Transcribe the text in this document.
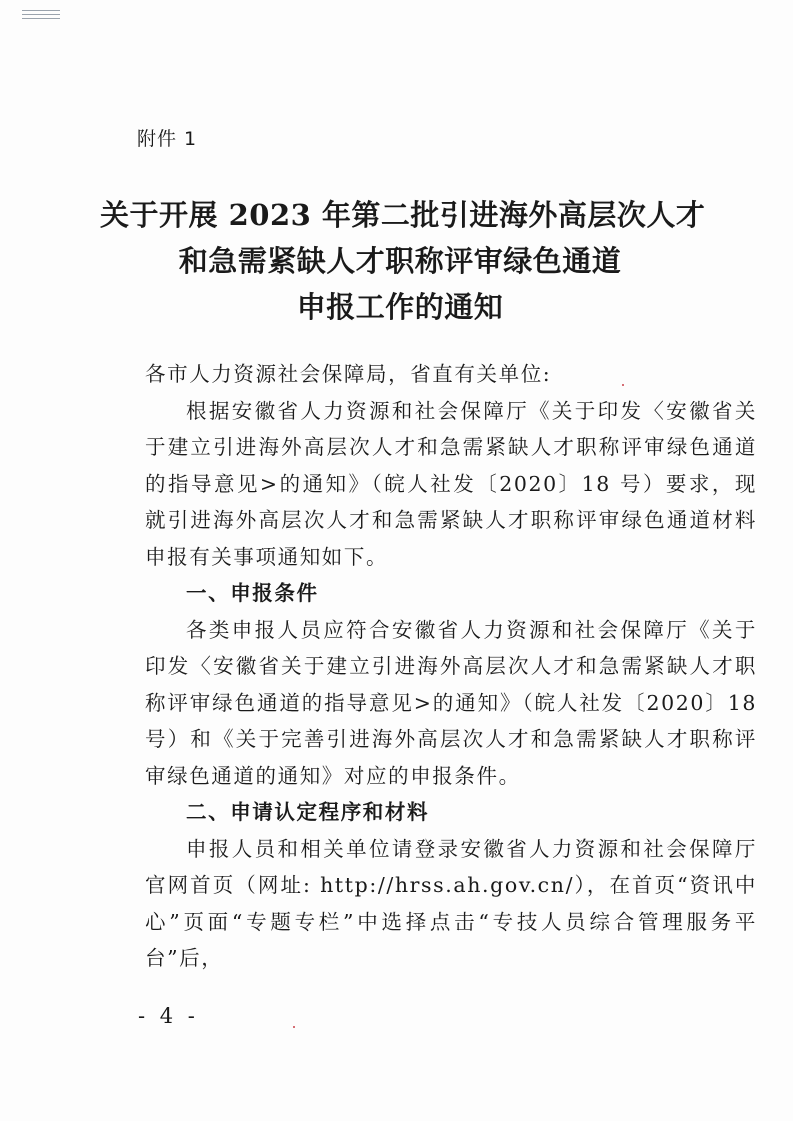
附件 1
关于开展 2023 年第二批引进海外高层次人才
和急需紧缺人才职称评审绿色通道
申报工作的通知

各市人力资源社会保障局，省直有关单位:

根据安徽省人力资源和社会保障厅《关于印发〈安徽省关于建立引进海外高层次人才和急需紧缺人才职称评审绿色通道的指导意见>的通知》（皖人社发〔2020〕18 号）要求，现就引进海外高层次人才和急需紧缺人才职称评审绿色通道材料申报有关事项通知如下。

一、申报条件

各类申报人员应符合安徽省人力资源和社会保障厅《关于印发〈安徽省关于建立引进海外高层次人才和急需紧缺人才职称评审绿色通道的指导意见>的通知》（皖人社发〔2020〕18 号）和《关于完善引进海外高层次人才和急需紧缺人才职称评审绿色通道的通知》对应的申报条件。

二、申请认定程序和材料

申报人员和相关单位请登录安徽省人力资源和社会保障厅官网首页（网址: http://hrss.ah.gov.cn/），在首页“资讯中心”页面“专题专栏”中选择点击“专技人员综合管理服务平台”后，

- 4 -
